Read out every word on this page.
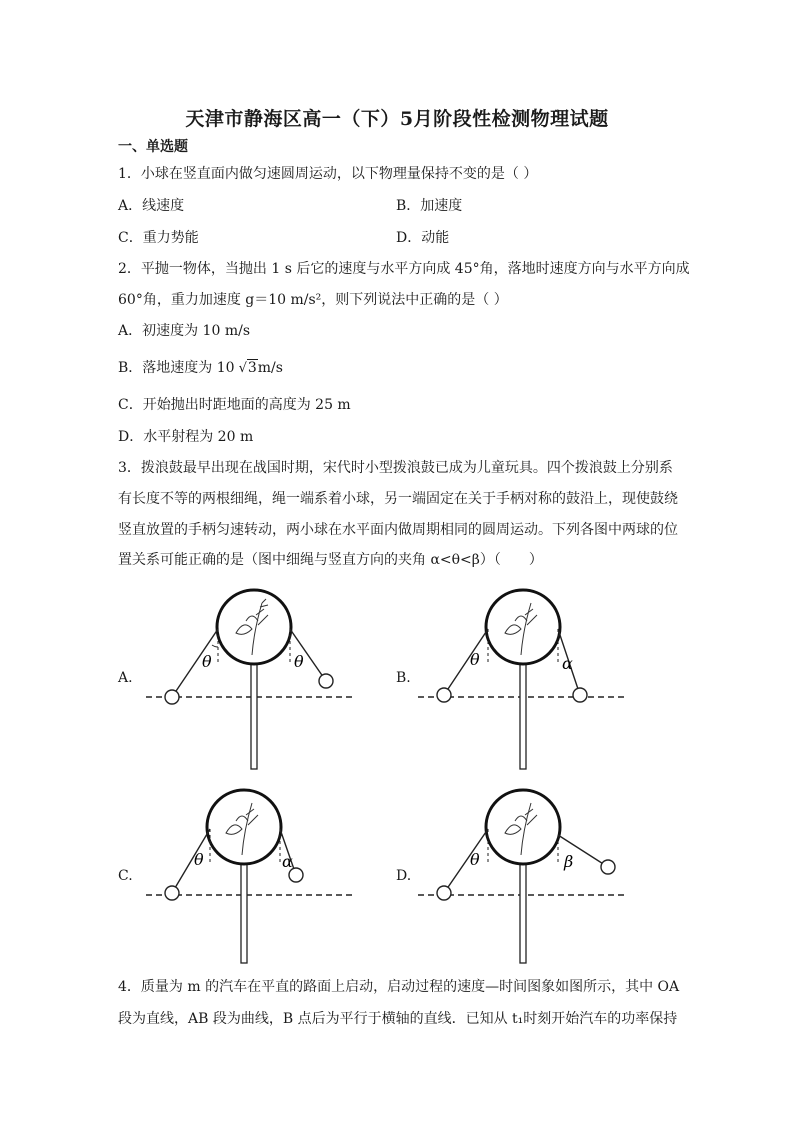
天津市静海区高一（下）5月阶段性检测物理试题
一、单选题
1．小球在竖直面内做匀速圆周运动，以下物理量保持不变的是（ ）
A．线速度	B．加速度
C．重力势能	D．动能
2．平抛一物体，当抛出 1 s 后它的速度与水平方向成 45°角，落地时速度方向与水平方向成
60°角，重力加速度 g＝10 m/s²，则下列说法中正确的是（ ）
A．初速度为 10 m/s
B．落地速度为 10 √3m/s
C．开始抛出时距地面的高度为 25 m
D．水平射程为 20 m
3．拨浪鼓最早出现在战国时期，宋代时小型拨浪鼓已成为儿童玩具。四个拨浪鼓上分别系
有长度不等的两根细绳，绳一端系着小球，另一端固定在关于手柄对称的鼓沿上，现使鼓绕
竖直放置的手柄匀速转动，两小球在水平面内做周期相同的圆周运动。下列各图中两球的位
置关系可能正确的是（图中细绳与竖直方向的夹角 α<θ<β）（　　）
A.
θ	θ
B.
θ	α
C.
θ	α
D.
θ	β
4．质量为 m 的汽车在平直的路面上启动，启动过程的速度—时间图象如图所示，其中 OA
段为直线，AB 段为曲线，B 点后为平行于横轴的直线．已知从 t₁时刻开始汽车的功率保持
